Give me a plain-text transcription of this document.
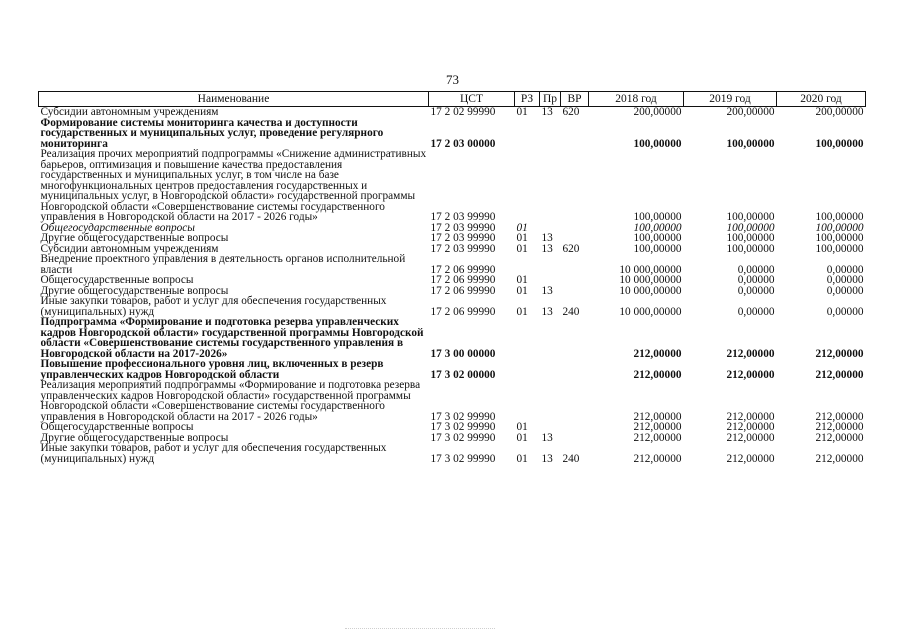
73
Наименование	ЦСТ	РЗ	Пр	ВР	2018 год	2019 год	2020 год
Субсидии автономным учреждениям	17 2 02 99990	01	13	620	200,00000	200,00000	200,00000
Формирование системы мониторинга качества и доступности государственных и муниципальных услуг, проведение регулярного мониторинга	17 2 03 00000				100,00000	100,00000	100,00000
Реализация прочих мероприятий подпрограммы «Снижение административных барьеров, оптимизация и повышение качества предоставления государственных и муниципальных услуг, в том числе на базе многофункциональных центров предоставления государственных и муниципальных услуг, в Новгородской области» государственной программы Новгородской области «Совершенствование системы государственного управления в Новгородской области на 2017 - 2026 годы»	17 2 03 99990				100,00000	100,00000	100,00000
Общегосударственные вопросы	17 2 03 99990	01			100,00000	100,00000	100,00000
Другие общегосударственные вопросы	17 2 03 99990	01	13		100,00000	100,00000	100,00000
Субсидии автономным учреждениям	17 2 03 99990	01	13	620	100,00000	100,00000	100,00000
Внедрение проектного управления в деятельность органов исполнительной власти	17 2 06 99990				10 000,00000	0,00000	0,00000
Общегосударственные вопросы	17 2 06 99990	01			10 000,00000	0,00000	0,00000
Другие общегосударственные вопросы	17 2 06 99990	01	13		10 000,00000	0,00000	0,00000
Иные закупки товаров, работ и услуг для обеспечения государственных (муниципальных) нужд	17 2 06 99990	01	13	240	10 000,00000	0,00000	0,00000
Подпрограмма «Формирование и подготовка резерва управленческих кадров Новгородской области» государственной программы Новгородской области «Совершенствование системы государственного управления в Новгородской области на 2017-2026»	17 3 00 00000				212,00000	212,00000	212,00000
Повышение профессионального уровня лиц, включенных в резерв управленческих кадров Новгородской области	17 3 02 00000				212,00000	212,00000	212,00000
Реализация мероприятий подпрограммы «Формирование и подготовка резерва управленческих кадров Новгородской области» государственной программы Новгородской области «Совершенствование системы государственного управления в Новгородской области на 2017 - 2026 годы»	17 3 02 99990				212,00000	212,00000	212,00000
Общегосударственные вопросы	17 3 02 99990	01			212,00000	212,00000	212,00000
Другие общегосударственные вопросы	17 3 02 99990	01	13		212,00000	212,00000	212,00000
Иные закупки товаров, работ и услуг для обеспечения государственных (муниципальных) нужд	17 3 02 99990	01	13	240	212,00000	212,00000	212,00000
